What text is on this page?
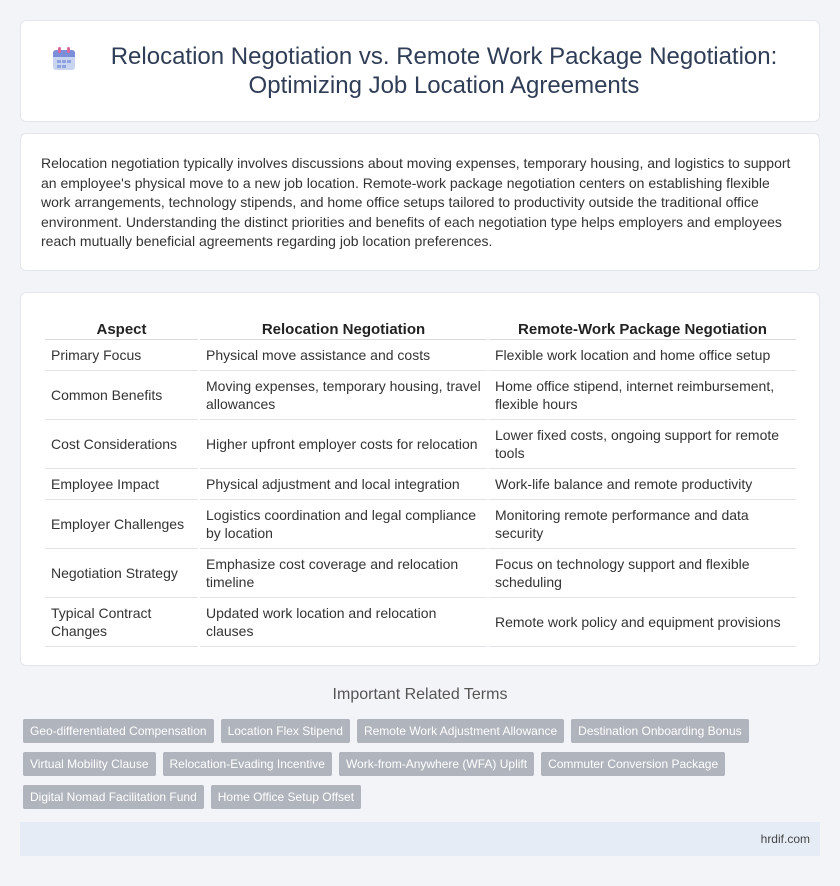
Relocation Negotiation vs. Remote Work Package Negotiation: Optimizing Job Location Agreements

Relocation negotiation typically involves discussions about moving expenses, temporary housing, and logistics to support an employee's physical move to a new job location. Remote-work package negotiation centers on establishing flexible work arrangements, technology stipends, and home office setups tailored to productivity outside the traditional office environment. Understanding the distinct priorities and benefits of each negotiation type helps employers and employees reach mutually beneficial agreements regarding job location preferences.

Aspect	Relocation Negotiation	Remote-Work Package Negotiation
Primary Focus	Physical move assistance and costs	Flexible work location and home office setup
Common Benefits	Moving expenses, temporary housing, travel allowances	Home office stipend, internet reimbursement, flexible hours
Cost Considerations	Higher upfront employer costs for relocation	Lower fixed costs, ongoing support for remote tools
Employee Impact	Physical adjustment and local integration	Work-life balance and remote productivity
Employer Challenges	Logistics coordination and legal compliance by location	Monitoring remote performance and data security
Negotiation Strategy	Emphasize cost coverage and relocation timeline	Focus on technology support and flexible scheduling
Typical Contract Changes	Updated work location and relocation clauses	Remote work policy and equipment provisions
Important Related Terms
Geo-differentiated Compensation	Location Flex Stipend	Remote Work Adjustment Allowance	Destination Onboarding Bonus
Virtual Mobility Clause	Relocation-Evading Incentive	Work-from-Anywhere (WFA) Uplift	Commuter Conversion Package
Digital Nomad Facilitation Fund	Home Office Setup Offset
hrdif.com
